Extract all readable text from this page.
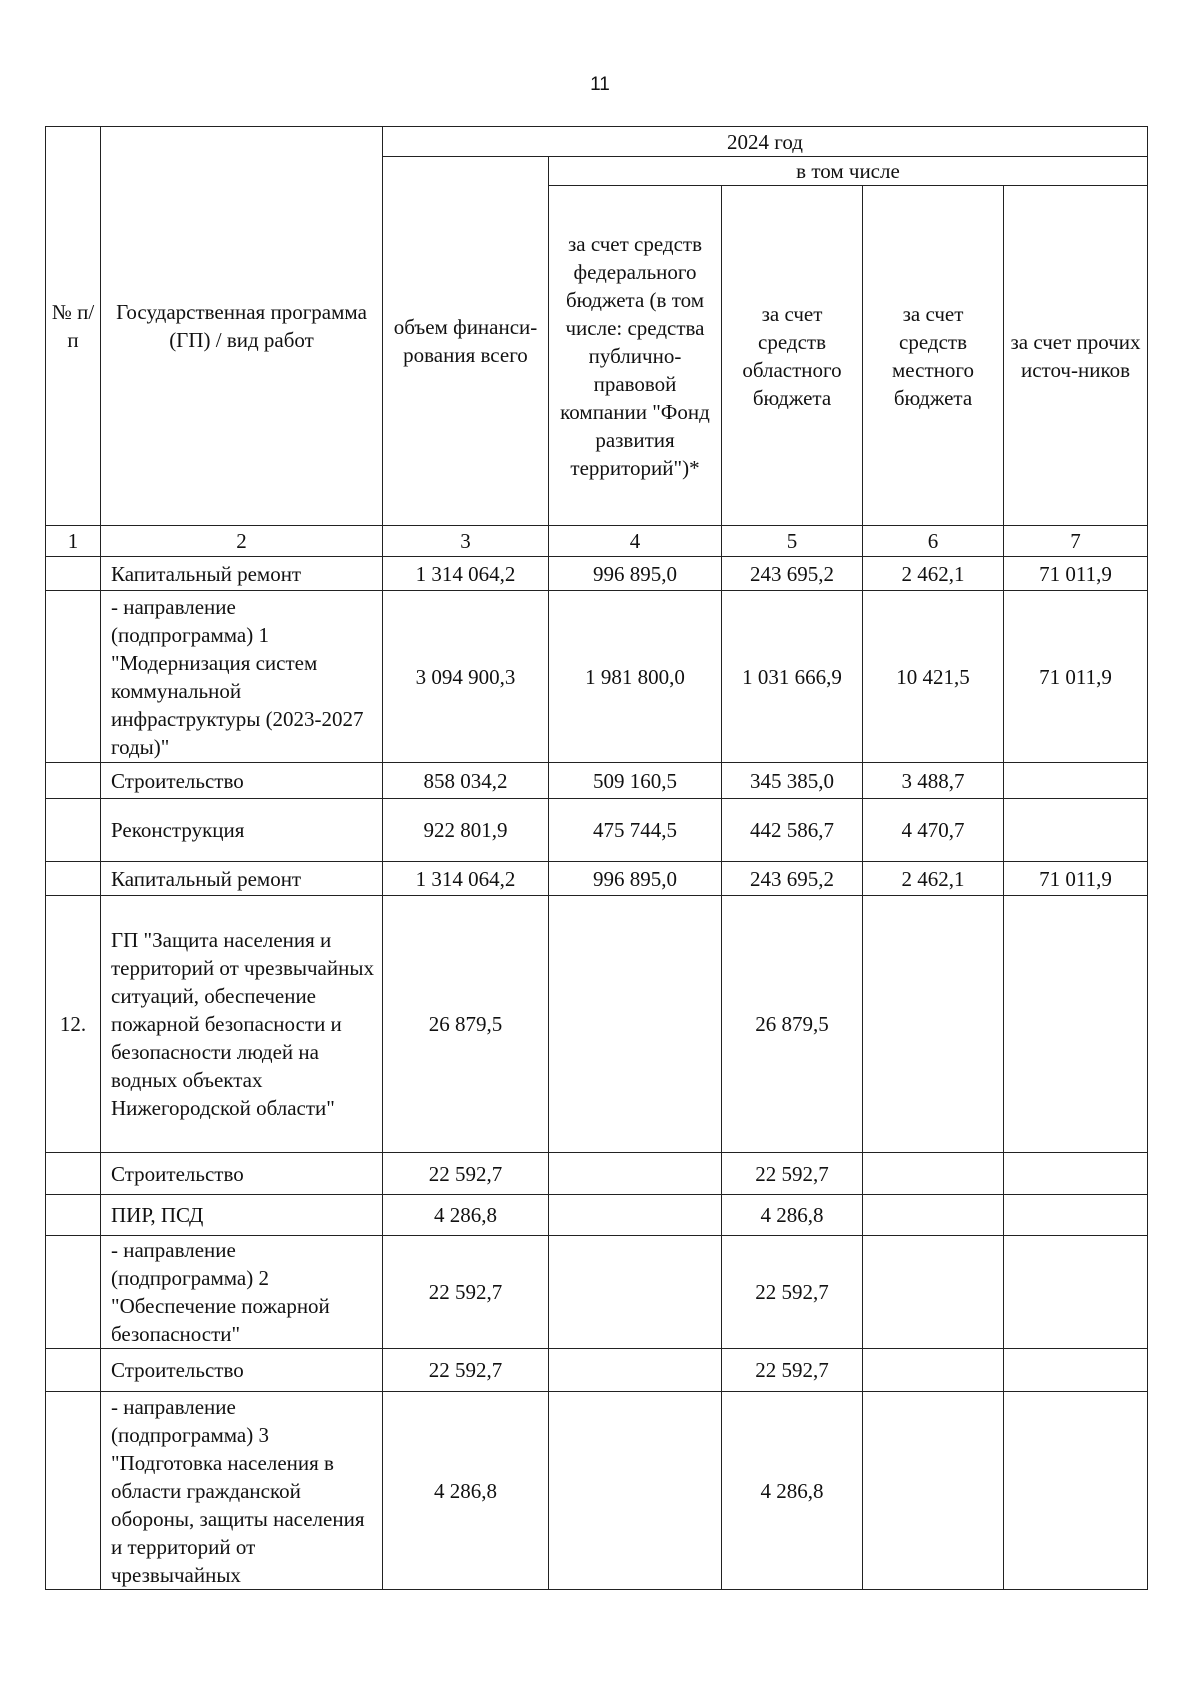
11
№ п/п	Государственная программа (ГП) / вид работ	2024 год				
		объем финанси-рования всего	в том числе			
			за счет средств федерального бюджета (в том числе: средства публично-правовой компании "Фонд развития территорий")*	за счет средств областного бюджета	за счет средств местного бюджета	за счет прочих источ-ников
1	2	3	4	5	6	7
	Капитальный ремонт	1 314 064,2	996 895,0	243 695,2	2 462,1	71 011,9
	- направление (подпрограмма) 1 "Модернизация систем коммунальной инфраструктуры (2023-2027 годы)"	3 094 900,3	1 981 800,0	1 031 666,9	10 421,5	71 011,9
	Строительство	858 034,2	509 160,5	345 385,0	3 488,7	
	Реконструкция	922 801,9	475 744,5	442 586,7	4 470,7	
	Капитальный ремонт	1 314 064,2	996 895,0	243 695,2	2 462,1	71 011,9
12.	ГП "Защита населения и территорий от чрезвычайных ситуаций, обеспечение пожарной безопасности и безопасности людей на водных объектах Нижегородской области"	26 879,5		26 879,5		
	Строительство	22 592,7		22 592,7		
	ПИР, ПСД	4 286,8		4 286,8		
	- направление (подпрограмма) 2 "Обеспечение пожарной безопасности"	22 592,7		22 592,7		
	Строительство	22 592,7		22 592,7		
	- направление (подпрограмма) 3 "Подготовка населения в области гражданской обороны, защиты населения и территорий от чрезвычайных	4 286,8		4 286,8		
